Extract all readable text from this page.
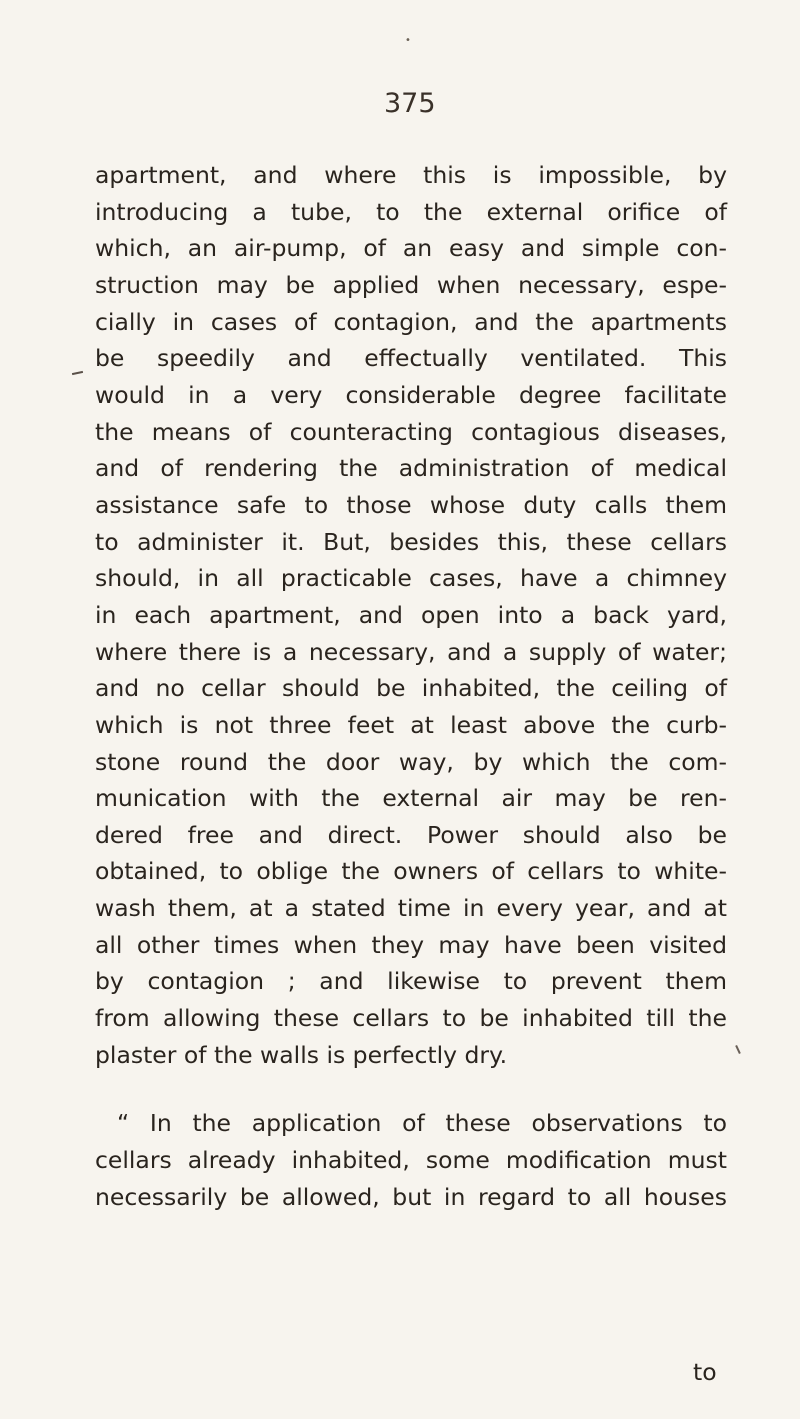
•
375
apartment, and where this is impossible, by
introducing a tube, to the external orifice of
which, an air-pump, of an easy and simple con-
struction may be applied when necessary, espe-
cially in cases of contagion, and the apartments
be speedily and effectually ventilated. This
would in a very considerable degree facilitate
the means of counteracting contagious diseases,
and of rendering the administration of medical
assistance safe to those whose duty calls them
to administer it. But, besides this, these cellars
should, in all practicable cases, have a chimney
in each apartment, and open into a back yard,
where there is a necessary, and a supply of water;
and no cellar should be inhabited, the ceiling of
which is not three feet at least above the curb-
stone round the door way, by which the com-
munication with the external air may be ren-
dered free and direct. Power should also be
obtained, to oblige the owners of cellars to white-
wash them, at a stated time in every year, and at
all other times when they may have been visited
by contagion ; and likewise to prevent them
from allowing these cellars to be inhabited till the
plaster of the walls is perfectly dry.
“ In the application of these observations to
cellars already inhabited, some modification must
necessarily be allowed, but in regard to all houses
to
